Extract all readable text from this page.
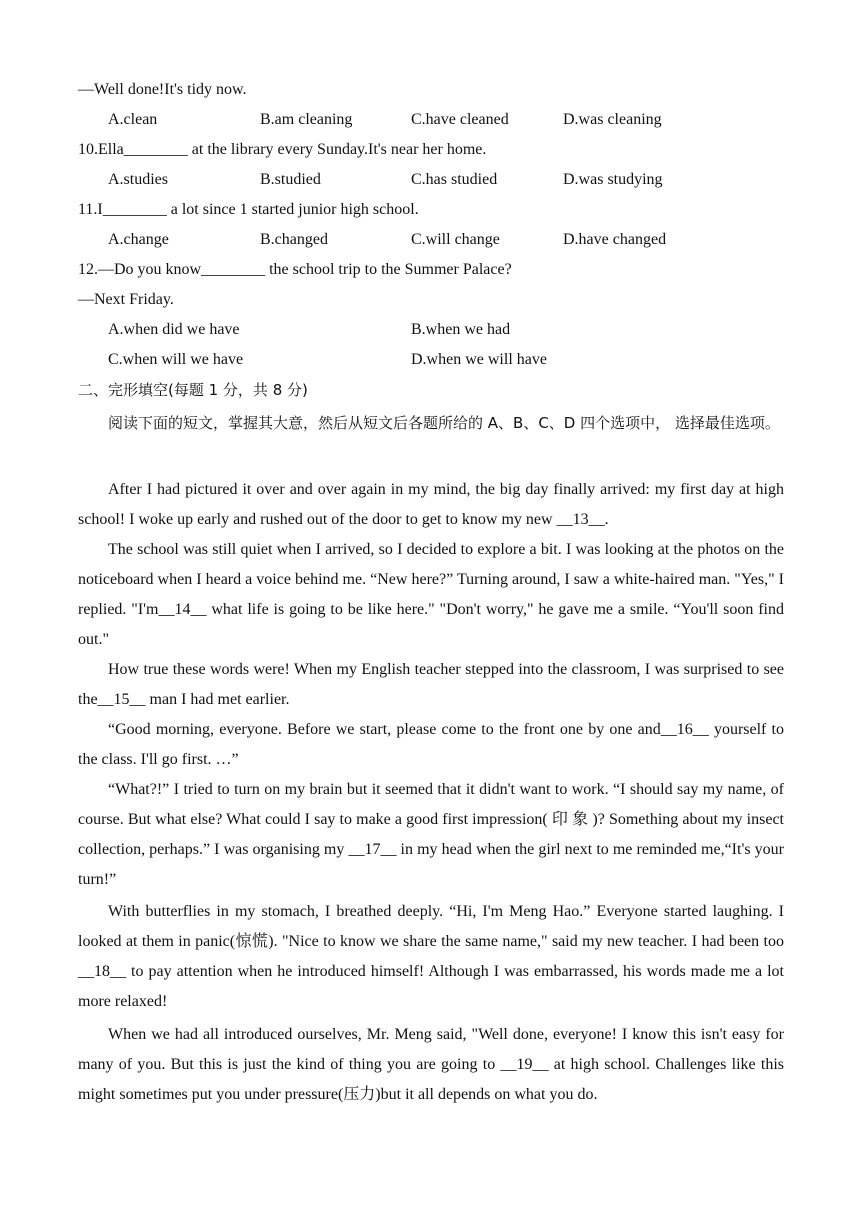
—Well done!It's tidy now.
A.clean	B.am cleaning	C.have cleaned	D.was cleaning
10.Ella________ at the library every Sunday.It's near her home.
A.studies	B.studied	C.has studied	D.was studying
11.I________ a lot since 1 started junior high school.
A.change	B.changed	C.will change	D.have changed
12.—Do you know________ the school trip to the Summer Palace?
—Next Friday.
A.when did we have	B.when we had
C.when will we have	D.when we will have
二、完形填空(每题 1 分，共 8 分)
阅读下面的短文，掌握其大意，然后从短文后各题所给的 A、B、C、D 四个选项中， 选择最佳选项。
After I had pictured it over and over again in my mind, the big day finally arrived: my first day at high school! I woke up early and rushed out of the door to get to know my new __13__.
The school was still quiet when I arrived, so I decided to explore a bit. I was looking at the photos on the noticeboard when I heard a voice behind me. “New here?” Turning around, I saw a white-haired man. "Yes," I replied. "I'm__14__ what life is going to be like here." "Don't worry," he gave me a smile. “You'll soon find out."
How true these words were! When my English teacher stepped into the classroom, I was surprised to see the__15__ man I had met earlier.
“Good morning, everyone. Before we start, please come to the front one by one and__16__ yourself to the class. I'll go first. …”
“What?!” I tried to turn on my brain but it seemed that it didn't want to work. “I should say my name, of course. But what else? What could I say to make a good first impression( 印 象 )? Something about my insect collection, perhaps.” I was organising my __17__ in my head when the girl next to me reminded me,“It's your turn!”
With butterflies in my stomach, I breathed deeply. “Hi, I'm Meng Hao.” Everyone started laughing. I looked at them in panic(惊慌). "Nice to know we share the same name," said my new teacher. I had been too __18__ to pay attention when he introduced himself! Although I was embarrassed, his words made me a lot more relaxed!
When we had all introduced ourselves, Mr. Meng said, "Well done, everyone! I know this isn't easy for many of you. But this is just the kind of thing you are going to __19__ at high school. Challenges like this might sometimes put you under pressure(压力)but it all depends on what you do.
